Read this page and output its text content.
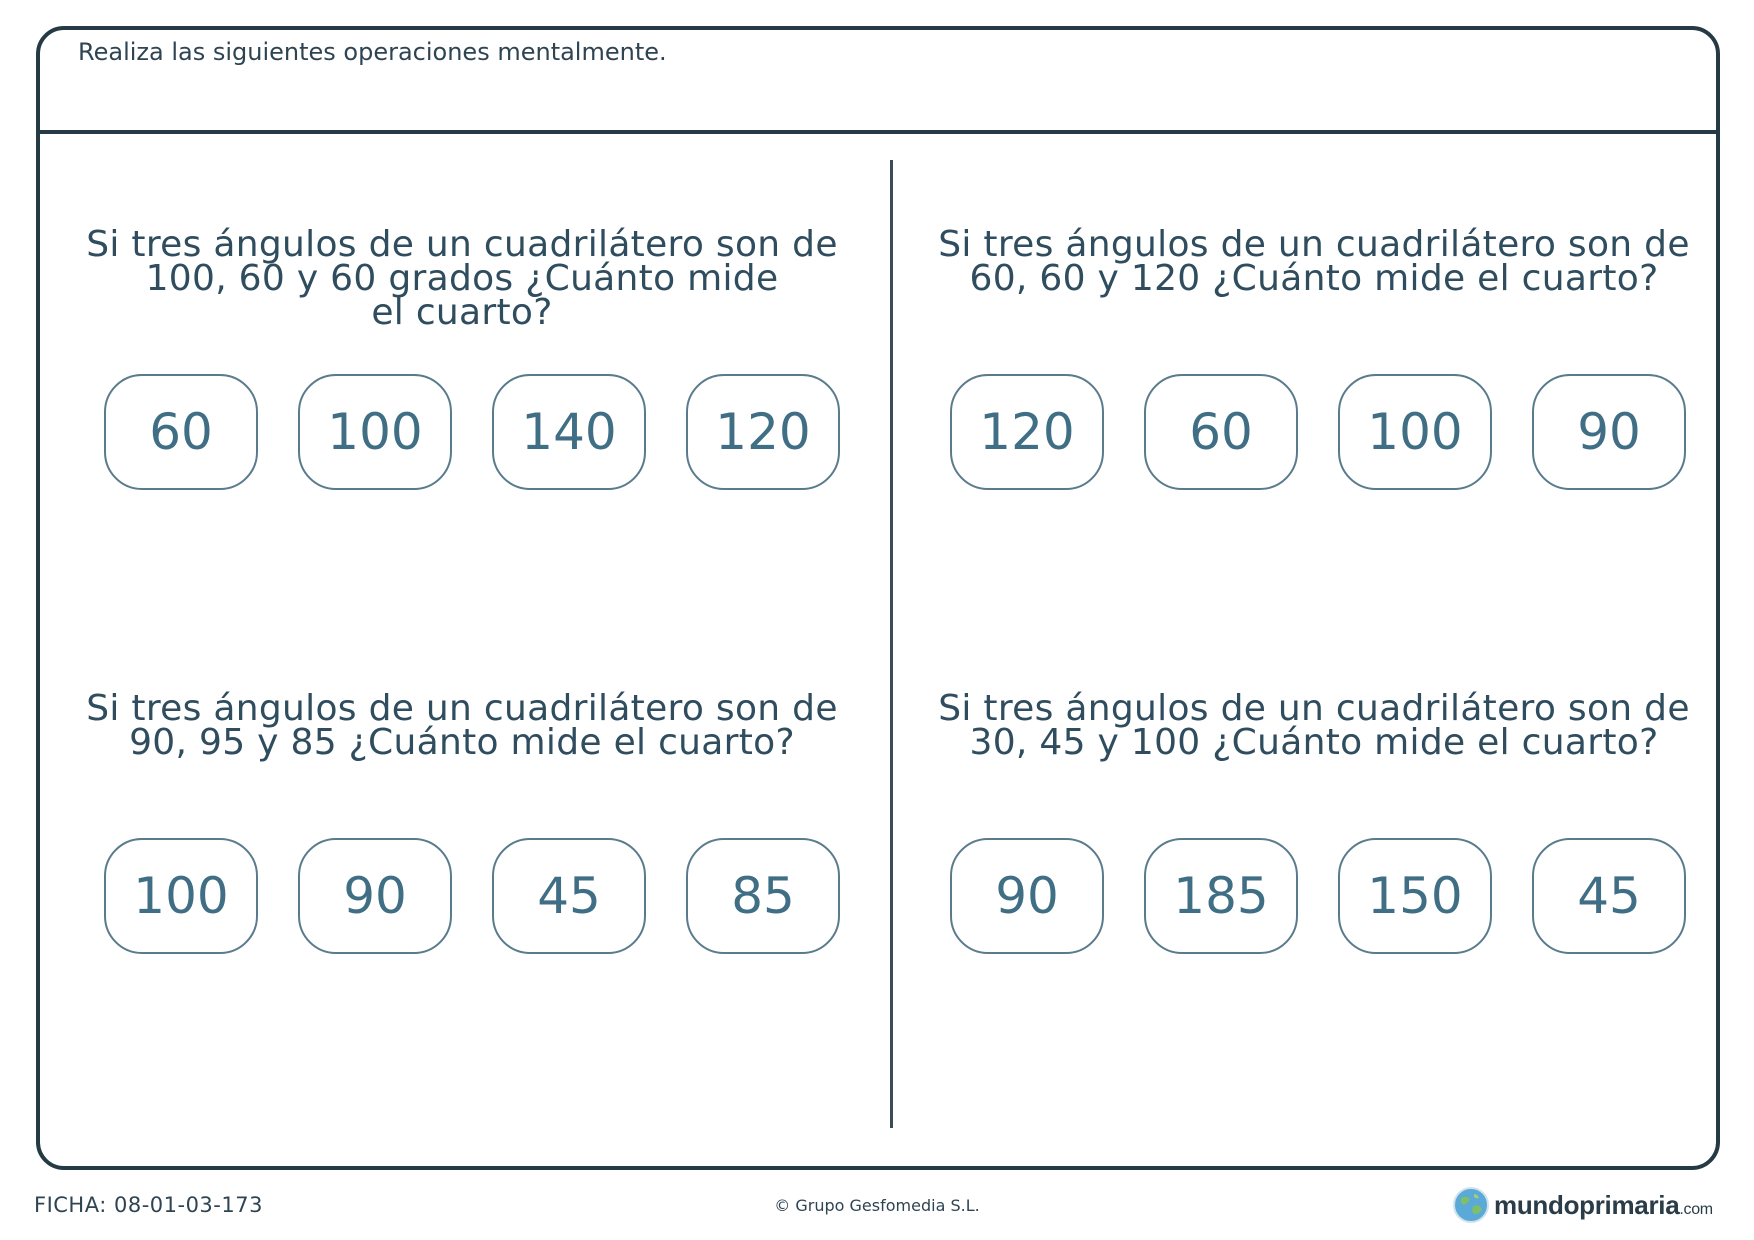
Realiza las siguientes operaciones mentalmente.

Si tres ángulos de un cuadrilátero son de
100, 60 y 60 grados ¿Cuánto mide
el cuarto?

60	100	140	120

Si tres ángulos de un cuadrilátero son de
60, 60 y 120 ¿Cuánto mide el cuarto?

120	60	100	90

Si tres ángulos de un cuadrilátero son de
90, 95 y 85 ¿Cuánto mide el cuarto?

100	90	45	85

Si tres ángulos de un cuadrilátero son de
30, 45 y 100 ¿Cuánto mide el cuarto?

90	185	150	45
FICHA: 08-01-03-173	© Grupo Gesfomedia S.L.	mundoprimaria.com
